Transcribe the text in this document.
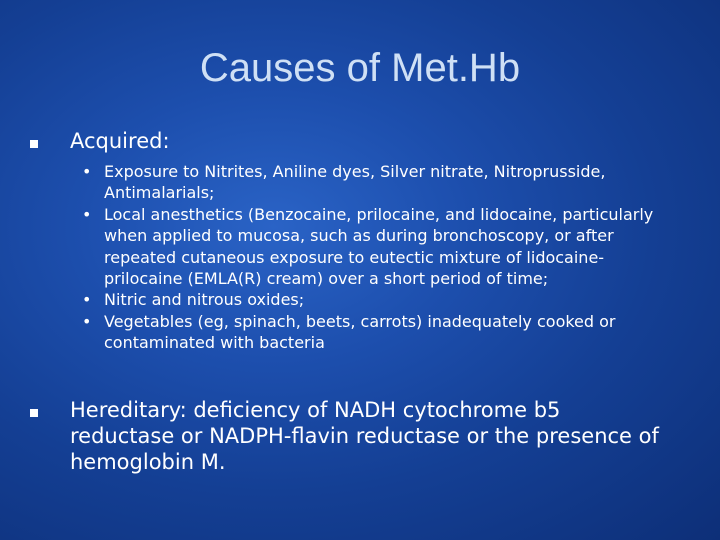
Causes of Met.Hb
Acquired:
• Exposure to Nitrites, Aniline dyes, Silver nitrate, Nitroprusside, Antimalarials;
• Local anesthetics (Benzocaine, prilocaine, and lidocaine, particularly when applied to mucosa, such as during bronchoscopy, or after repeated cutaneous exposure to eutectic mixture of lidocaine-prilocaine (EMLA(R) cream) over a short period of time;
• Nitric and nitrous oxides;
• Vegetables (eg, spinach, beets, carrots) inadequately cooked or contaminated with bacteria
Hereditary: deficiency of NADH cytochrome b5 reductase or NADPH-flavin reductase or the presence of hemoglobin M.
